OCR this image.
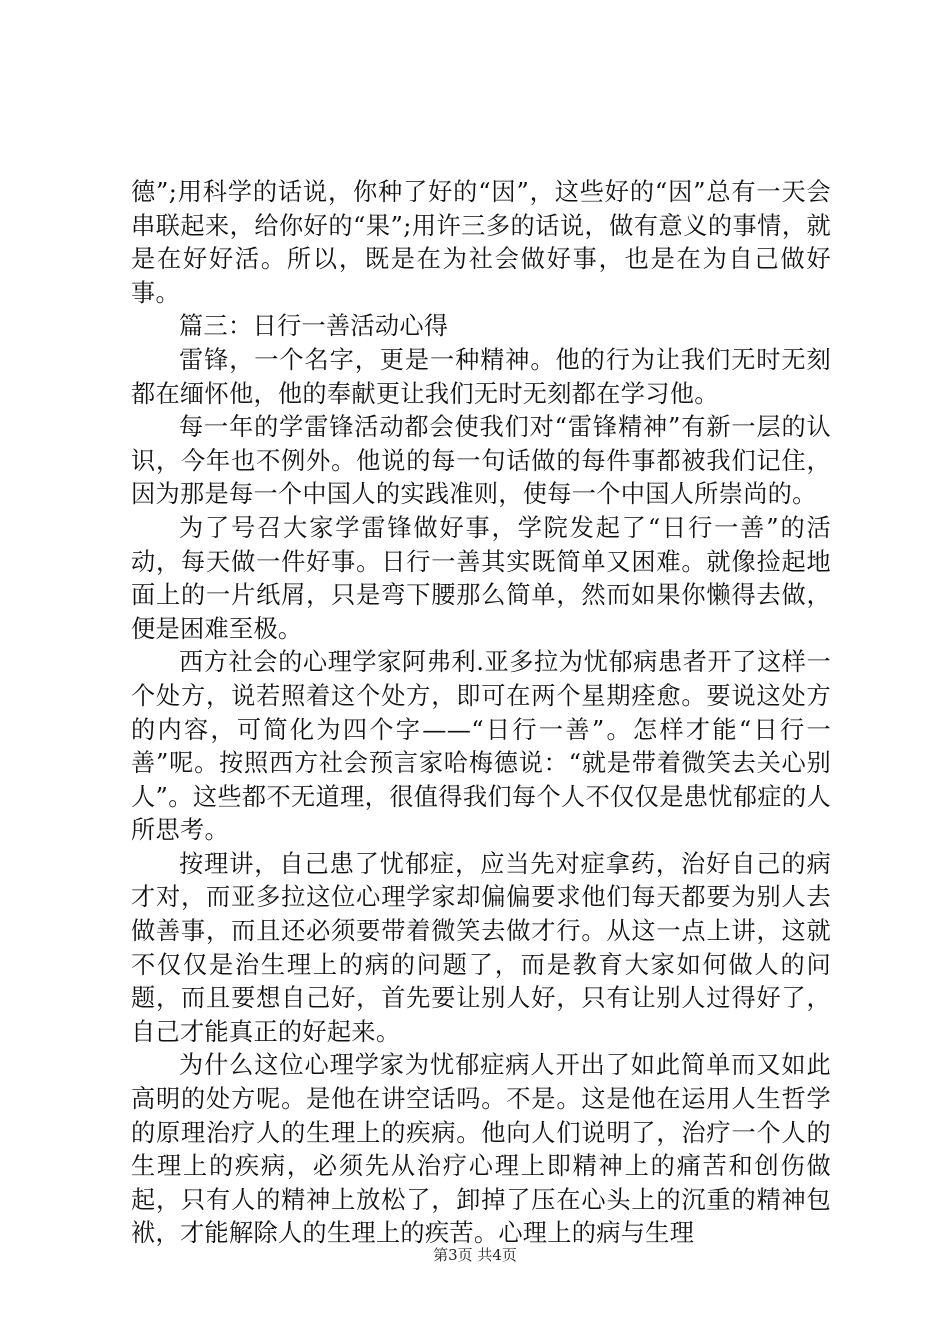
德”;用科学的话说，你种了好的“因”，这些好的“因”总有一天会串联起来，给你好的“果”;用许三多的话说，做有意义的事情，就是在好好活。所以，既是在为社会做好事，也是在为自己做好事。

篇三：日行一善活动心得

雷锋，一个名字，更是一种精神。他的行为让我们无时无刻都在缅怀他，他的奉献更让我们无时无刻都在学习他。

每一年的学雷锋活动都会使我们对“雷锋精神”有新一层的认识，今年也不例外。他说的每一句话做的每件事都被我们记住，因为那是每一个中国人的实践准则，使每一个中国人所崇尚的。

为了号召大家学雷锋做好事，学院发起了“日行一善”的活动，每天做一件好事。日行一善其实既简单又困难。就像捡起地面上的一片纸屑，只是弯下腰那么简单，然而如果你懒得去做，便是困难至极。

西方社会的心理学家阿弗利.亚多拉为忧郁病患者开了这样一个处方，说若照着这个处方，即可在两个星期痊愈。要说这处方的内容，可简化为四个字——“日行一善”。怎样才能“日行一善”呢。按照西方社会预言家哈梅德说：“就是带着微笑去关心别人”。这些都不无道理，很值得我们每个人不仅仅是患忧郁症的人所思考。

按理讲，自己患了忧郁症，应当先对症拿药，治好自己的病才对，而亚多拉这位心理学家却偏偏要求他们每天都要为别人去做善事，而且还必须要带着微笑去做才行。从这一点上讲，这就不仅仅是治生理上的病的问题了，而是教育大家如何做人的问题，而且要想自己好，首先要让别人好，只有让别人过得好了，自己才能真正的好起来。

为什么这位心理学家为忧郁症病人开出了如此简单而又如此高明的处方呢。是他在讲空话吗。不是。这是他在运用人生哲学的原理治疗人的生理上的疾病。他向人们说明了，治疗一个人的生理上的疾病，必须先从治疗心理上即精神上的痛苦和创伤做起，只有人的精神上放松了，卸掉了压在心头上的沉重的精神包袱，才能解除人的生理上的疾苦。心理上的病与生理

第3页 共4页
